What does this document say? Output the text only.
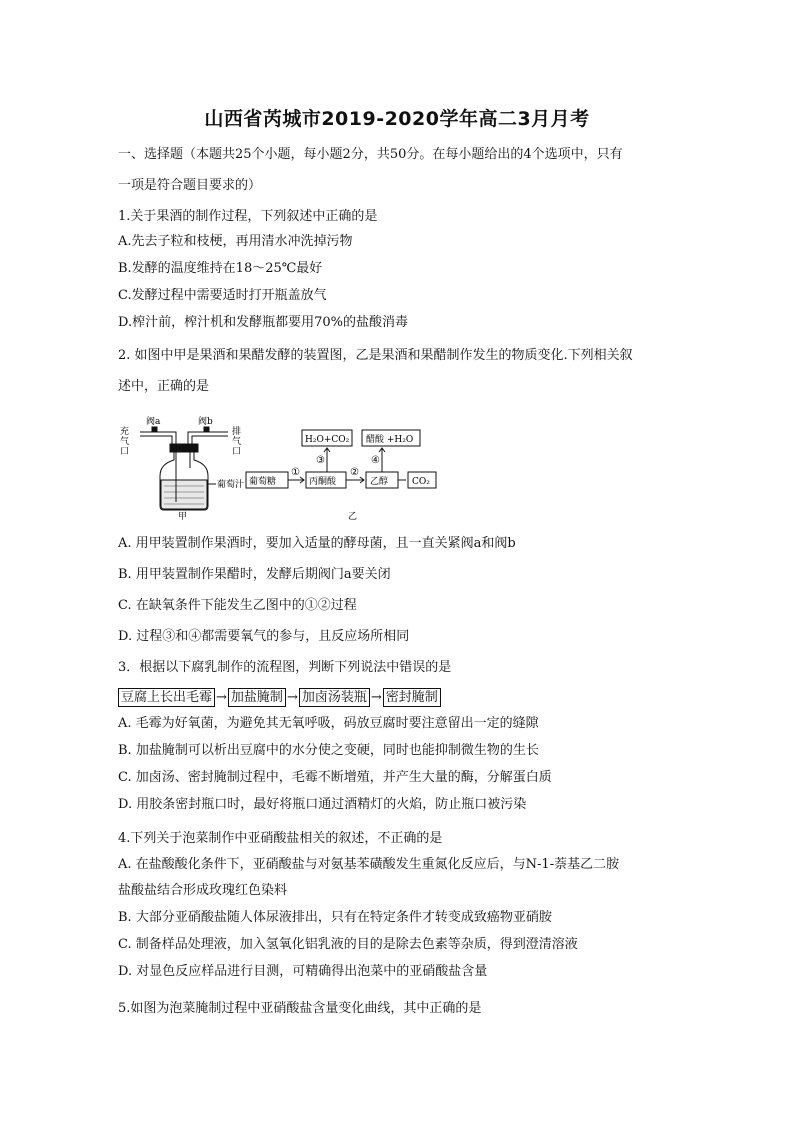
山西省芮城市2019-2020学年高二3月月考
一、选择题（本题共25个小题，每小题2分，共50分。在每小题给出的4个选项中，只有
一项是符合题目要求的）
1.关于果酒的制作过程，下列叙述中正确的是
A.先去子粒和枝梗，再用清水冲洗掉污物
B.发酵的温度维持在18～25℃最好
C.发酵过程中需要适时打开瓶盖放气
D.榨汁前，榨汁机和发酵瓶都要用70%的盐酸消毒
2. 如图中甲是果酒和果醋发酵的装置图，乙是果酒和果醋制作发生的物质变化.下列相关叙
述中，正确的是
充
气
口
阀a	阀b
排
气
口
葡萄汁
甲
葡萄糖	丙酮酸	乙醇	CO₂
H₂O+CO₂ 醋酸 +H₂O
①	②
③	④
乙
A. 用甲装置制作果酒时，要加入适量的酵母菌，且一直关紧阀a和阀b
B. 用甲装置制作果醋时，发酵后期阀门a要关闭
C. 在缺氧条件下能发生乙图中的①②过程
D. 过程③和④都需要氧气的参与，且反应场所相同
3．根据以下腐乳制作的流程图，判断下列说法中错误的是
豆腐上长出毛霉 → 加盐腌制 → 加卤汤装瓶 → 密封腌制
A. 毛霉为好氧菌，为避免其无氧呼吸，码放豆腐时要注意留出一定的缝隙
B. 加盐腌制可以析出豆腐中的水分使之变硬，同时也能抑制微生物的生长
C. 加卤汤、密封腌制过程中，毛霉不断增殖，并产生大量的酶，分解蛋白质
D. 用胶条密封瓶口时，最好将瓶口通过酒精灯的火焰，防止瓶口被污染
4.下列关于泡菜制作中亚硝酸盐相关的叙述，不正确的是
A. 在盐酸酸化条件下，亚硝酸盐与对氨基苯磺酸发生重氮化反应后，与N-1-萘基乙二胺
盐酸盐结合形成玫瑰红色染料
B. 大部分亚硝酸盐随人体尿液排出，只有在特定条件才转变成致癌物亚硝胺
C. 制备样品处理液，加入氢氧化铝乳液的目的是除去色素等杂质，得到澄清溶液
D. 对显色反应样品进行目测，可精确得出泡菜中的亚硝酸盐含量
5.如图为泡菜腌制过程中亚硝酸盐含量变化曲线，其中正确的是
